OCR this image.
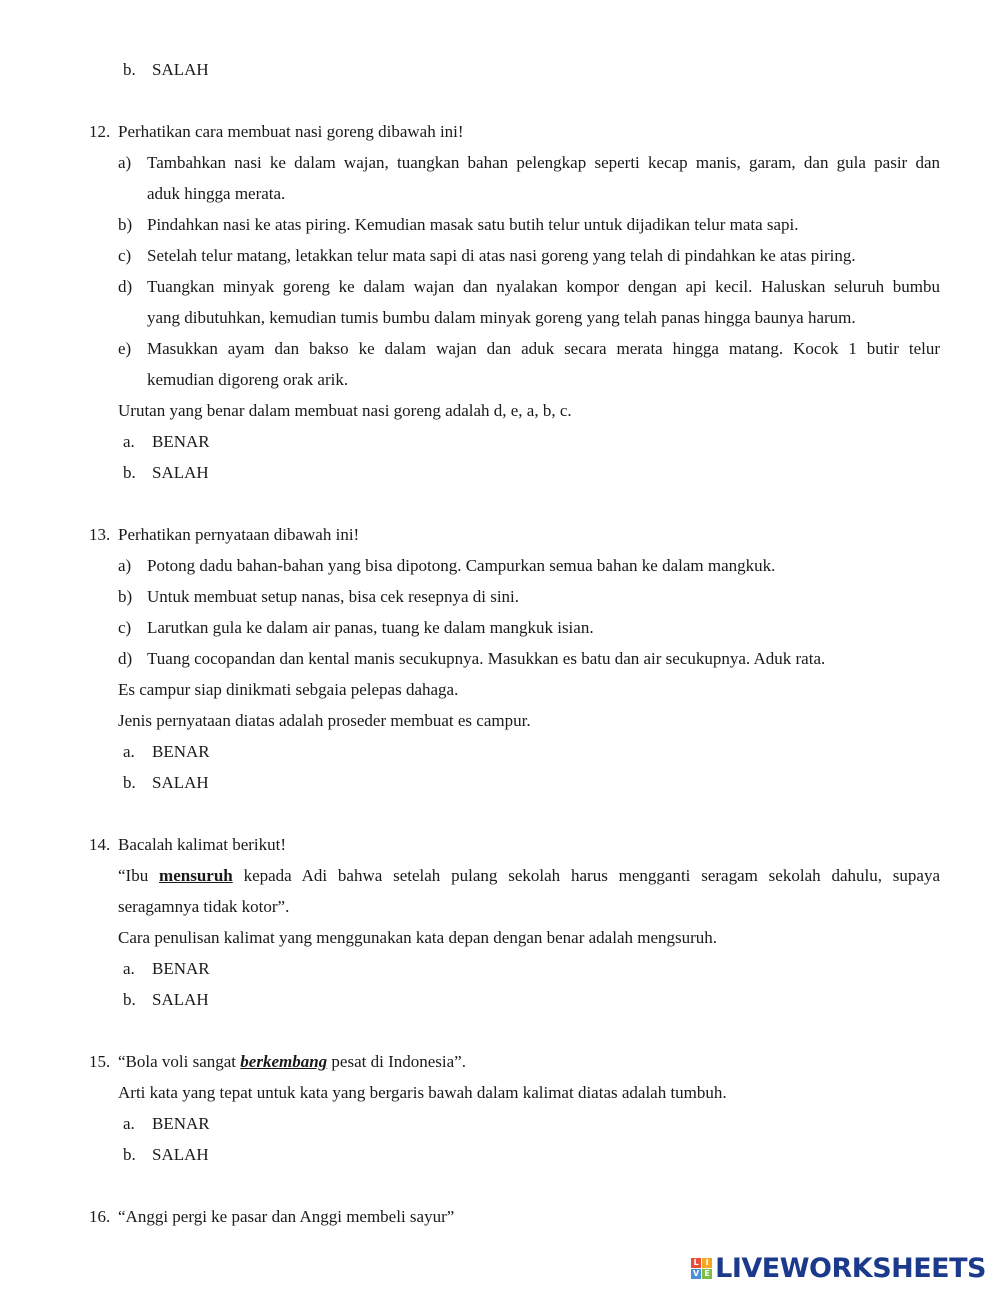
b. SALAH
12. Perhatikan cara membuat nasi goreng dibawah ini!
a) Tambahkan nasi ke dalam wajan, tuangkan bahan pelengkap seperti kecap manis, garam, dan gula pasir dan
aduk hingga merata.
b) Pindahkan nasi ke atas piring. Kemudian masak satu butih telur untuk dijadikan telur mata sapi.
c) Setelah telur matang, letakkan telur mata sapi di atas nasi goreng yang telah di pindahkan ke atas piring.
d) Tuangkan minyak goreng ke dalam wajan dan nyalakan kompor dengan api kecil. Haluskan seluruh bumbu
yang dibutuhkan, kemudian tumis bumbu dalam minyak goreng yang telah panas hingga baunya harum.
e) Masukkan ayam dan bakso ke dalam wajan dan aduk secara merata hingga matang. Kocok 1 butir telur
kemudian digoreng orak arik.
Urutan yang benar dalam membuat nasi goreng adalah d, e, a, b, c.
a. BENAR
b. SALAH
13. Perhatikan pernyataan dibawah ini!
a) Potong dadu bahan-bahan yang bisa dipotong. Campurkan semua bahan ke dalam mangkuk.
b) Untuk membuat setup nanas, bisa cek resepnya di sini.
c) Larutkan gula ke dalam air panas, tuang ke dalam mangkuk isian.
d) Tuang cocopandan dan kental manis secukupnya. Masukkan es batu dan air secukupnya. Aduk rata.
Es campur siap dinikmati sebgaia pelepas dahaga.
Jenis pernyataan diatas adalah proseder membuat es campur.
a. BENAR
b. SALAH
14. Bacalah kalimat berikut!
“Ibu mensuruh kepada Adi bahwa setelah pulang sekolah harus mengganti seragam sekolah dahulu, supaya
seragamnya tidak kotor”.
Cara penulisan kalimat yang menggunakan kata depan dengan benar adalah mengsuruh.
a. BENAR
b. SALAH
15. “Bola voli sangat berkembang pesat di Indonesia”.
Arti kata yang tepat untuk kata yang bergaris bawah dalam kalimat diatas adalah tumbuh.
a. BENAR
b. SALAH
16. “Anggi pergi ke pasar dan Anggi membeli sayur”
L I
V E LIVEWORKSHEETS
